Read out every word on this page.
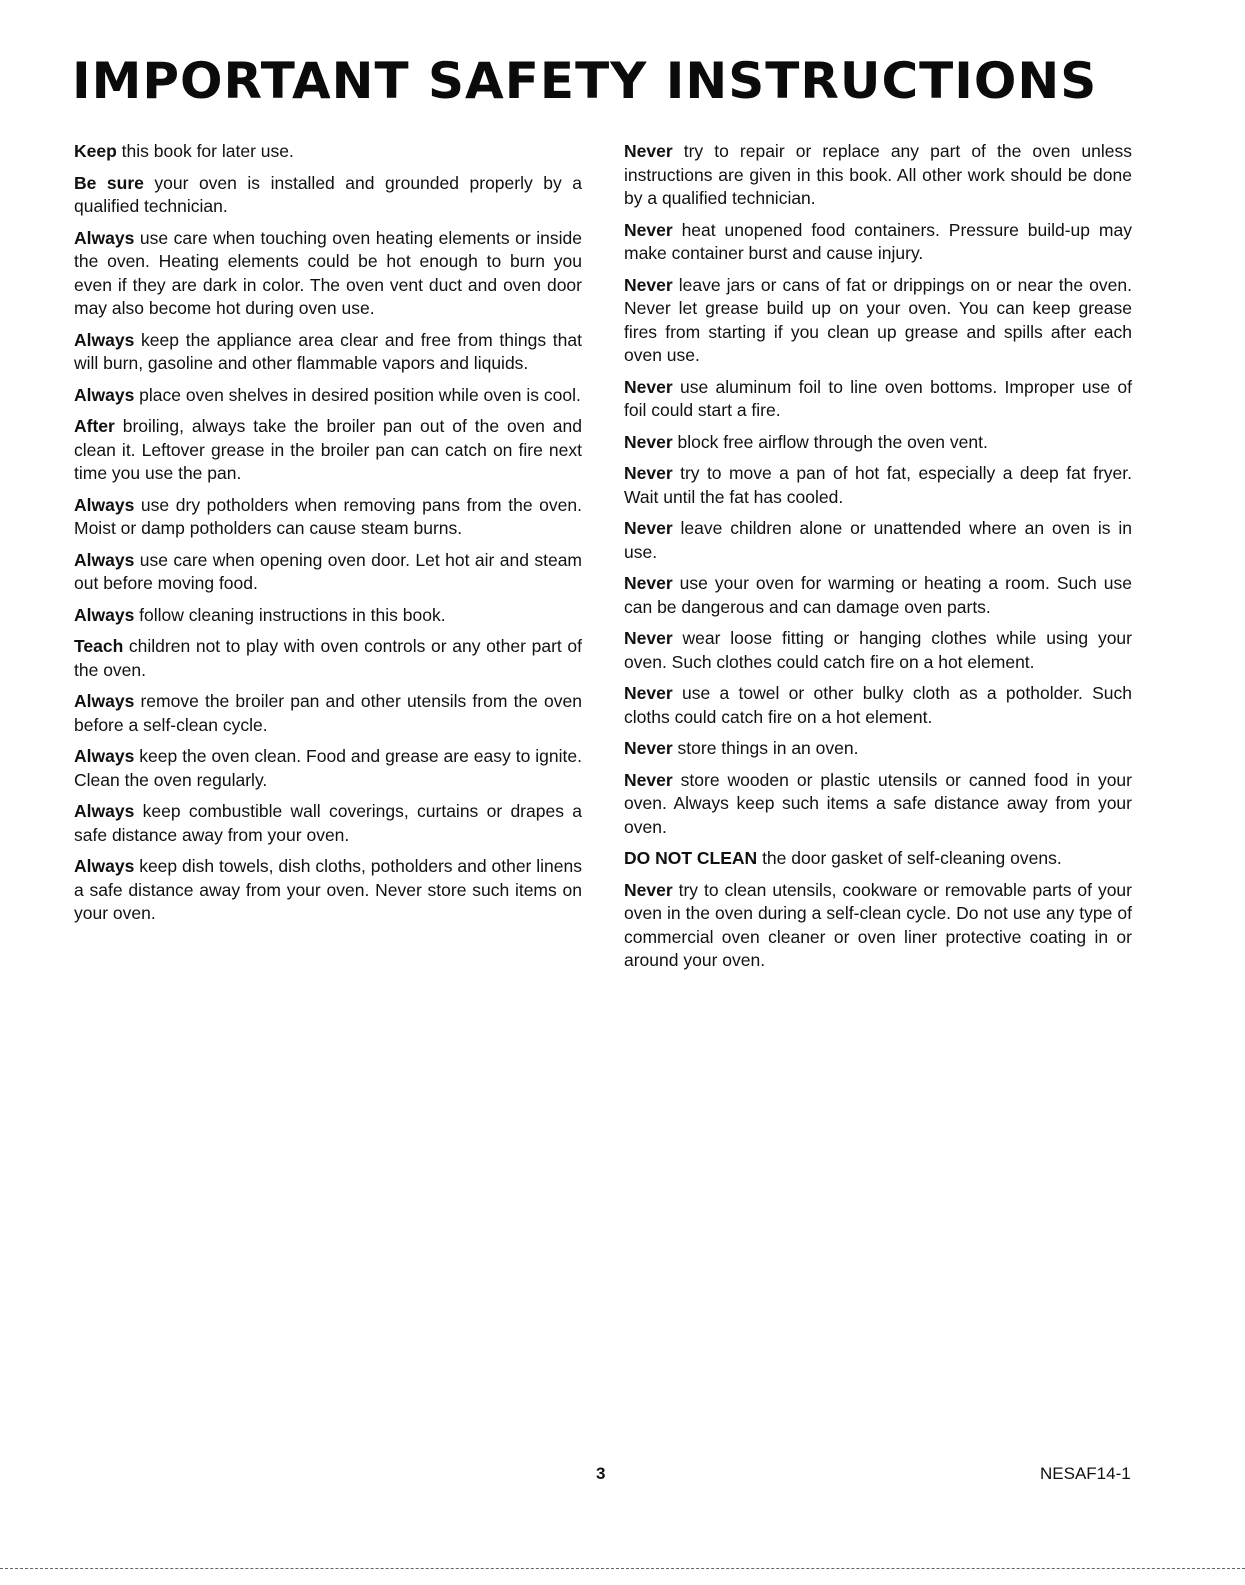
IMPORTANT SAFETY INSTRUCTIONS

Keep this book for later use.

Be sure your oven is installed and grounded properly by a qualified technician.

Always use care when touching oven heating elements or inside the oven. Heating elements could be hot enough to burn you even if they are dark in color. The oven vent duct and oven door may also become hot during oven use.

Always keep the appliance area clear and free from things that will burn, gasoline and other flammable vapors and liquids.

Always place oven shelves in desired position while oven is cool.

After broiling, always take the broiler pan out of the oven and clean it. Leftover grease in the broiler pan can catch on fire next time you use the pan.

Always use dry potholders when removing pans from the oven. Moist or damp potholders can cause steam burns.

Always use care when opening oven door. Let hot air and steam out before moving food.

Always follow cleaning instructions in this book.

Teach children not to play with oven controls or any other part of the oven.

Always remove the broiler pan and other utensils from the oven before a self-clean cycle.

Always keep the oven clean. Food and grease are easy to ignite. Clean the oven regularly.

Always keep combustible wall coverings, curtains or drapes a safe distance away from your oven.

Always keep dish towels, dish cloths, potholders and other linens a safe distance away from your oven. Never store such items on your oven.

Never try to repair or replace any part of the oven unless instructions are given in this book. All other work should be done by a qualified technician.

Never heat unopened food containers. Pressure build-up may make container burst and cause injury.

Never leave jars or cans of fat or drippings on or near the oven. Never let grease build up on your oven. You can keep grease fires from starting if you clean up grease and spills after each oven use.

Never use aluminum foil to line oven bottoms. Improper use of foil could start a fire.

Never block free airflow through the oven vent.

Never try to move a pan of hot fat, especially a deep fat fryer. Wait until the fat has cooled.

Never leave children alone or unattended where an oven is in use.

Never use your oven for warming or heating a room. Such use can be dangerous and can damage oven parts.

Never wear loose fitting or hanging clothes while using your oven. Such clothes could catch fire on a hot element.

Never use a towel or other bulky cloth as a potholder. Such cloths could catch fire on a hot element.

Never store things in an oven.

Never store wooden or plastic utensils or canned food in your oven. Always keep such items a safe distance away from your oven.

DO NOT CLEAN the door gasket of self-cleaning ovens.

Never try to clean utensils, cookware or removable parts of your oven in the oven during a self-clean cycle. Do not use any type of commercial oven cleaner or oven liner protective coating in or around your oven.

3	NESAF14-1
